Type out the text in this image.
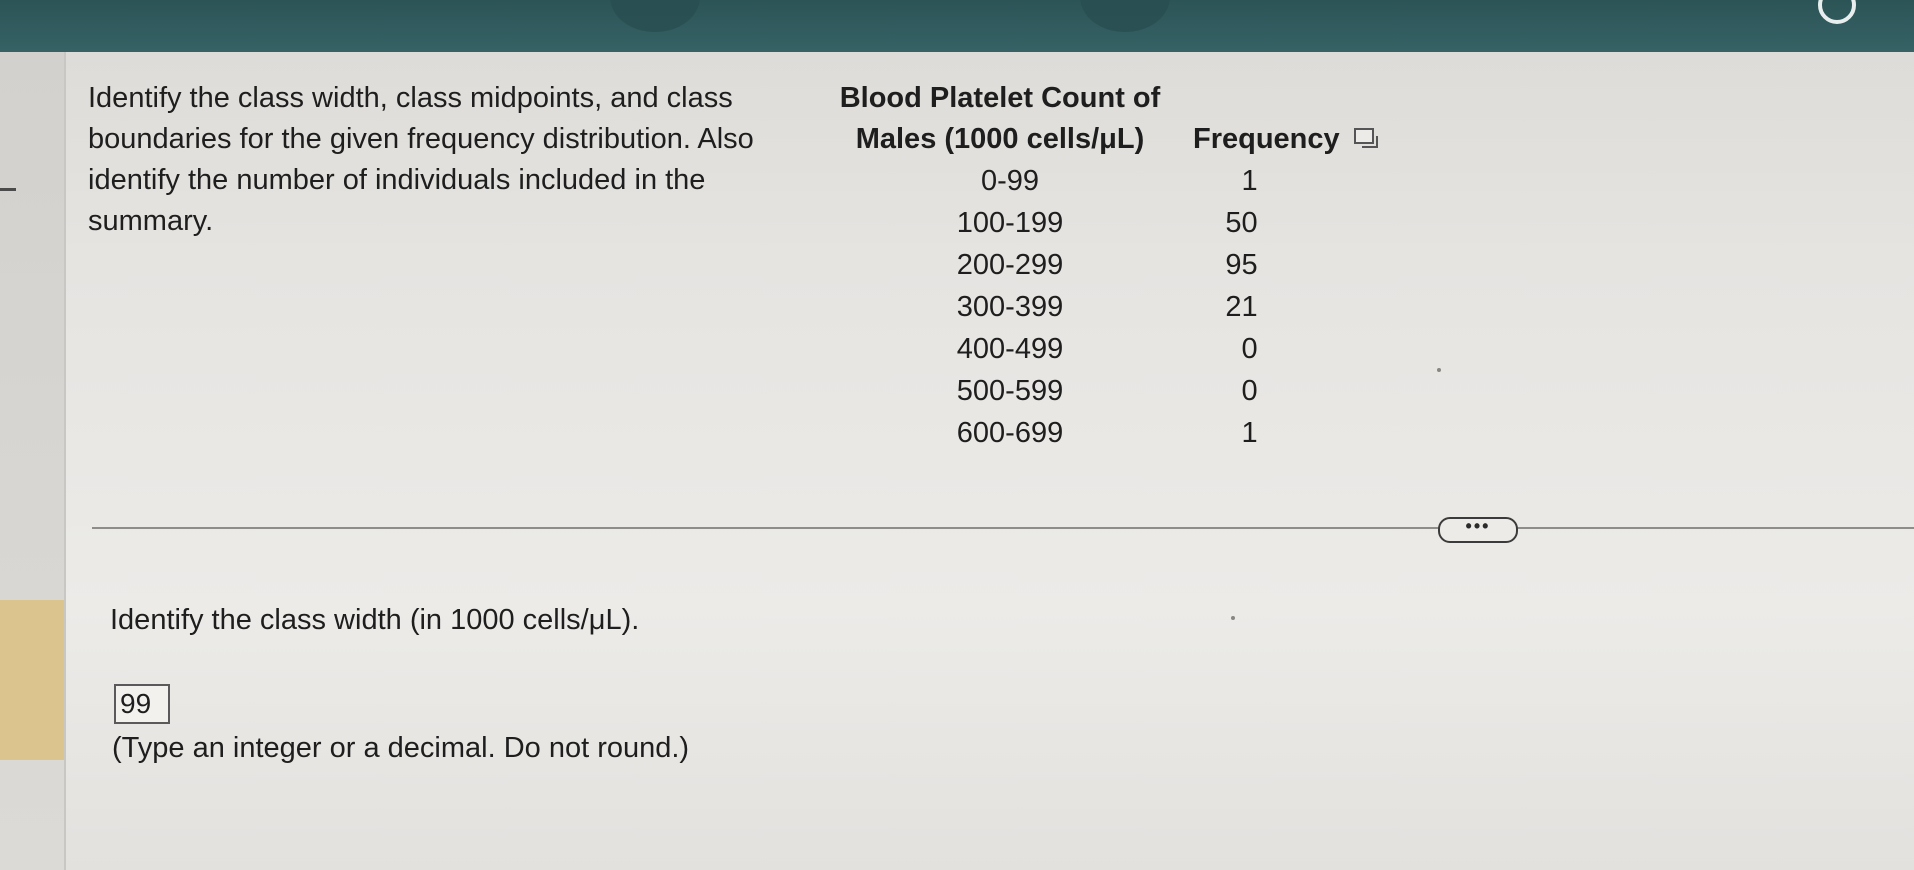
Identify the class width, class midpoints, and class boundaries for the given frequency distribution. Also identify the number of individuals included in the summary.

Blood Platelet Count of
Males (1000 cells/μL)	Frequency

0-99	1
100-199	50
200-299	95
300-399	21
400-499	0
500-599	0
600-699	1
•••

Identify the class width (in 1000 cells/μL).

99

(Type an integer or a decimal. Do not round.)
